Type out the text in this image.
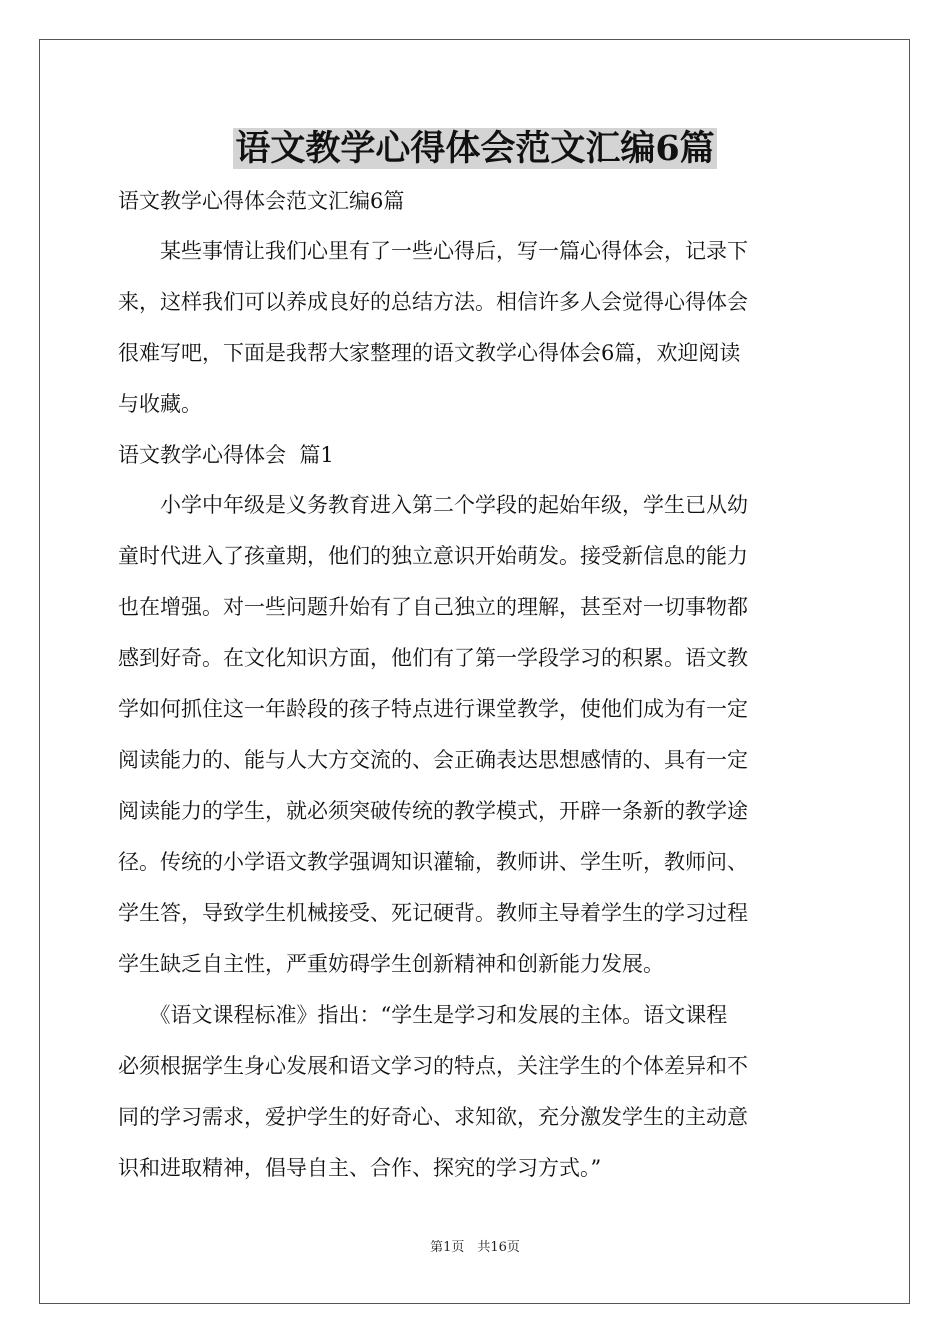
语文教学心得体会范文汇编6篇
语文教学心得体会范文汇编6篇
　　某些事情让我们心里有了一些心得后，写一篇心得体会，记录下
来，这样我们可以养成良好的总结方法。相信许多人会觉得心得体会
很难写吧，下面是我帮大家整理的语文教学心得体会6篇，欢迎阅读
与收藏。
语文教学心得体会  篇1
　　小学中年级是义务教育进入第二个学段的起始年级，学生已从幼
童时代进入了孩童期，他们的独立意识开始萌发。接受新信息的能力
也在增强。对一些问题升始有了自己独立的理解，甚至对一切事物都
感到好奇。在文化知识方面，他们有了第一学段学习的积累。语文教
学如何抓住这一年龄段的孩子特点进行课堂教学，使他们成为有一定
阅读能力的、能与人大方交流的、会正确表达思想感情的、具有一定
阅读能力的学生，就必须突破传统的教学模式，开辟一条新的教学途
径。传统的小学语文教学强调知识灌输，教师讲、学生听，教师问、
学生答，导致学生机械接受、死记硬背。教师主导着学生的学习过程
学生缺乏自主性，严重妨碍学生创新精神和创新能力发展。
　　《语文课程标准》指出：“学生是学习和发展的主体。语文课程
必须根据学生身心发展和语文学习的特点，关注学生的个体差异和不
同的学习需求，爱护学生的好奇心、求知欲，充分激发学生的主动意
识和进取精神，倡导自主、合作、探究的学习方式。”
第1页　共16页
